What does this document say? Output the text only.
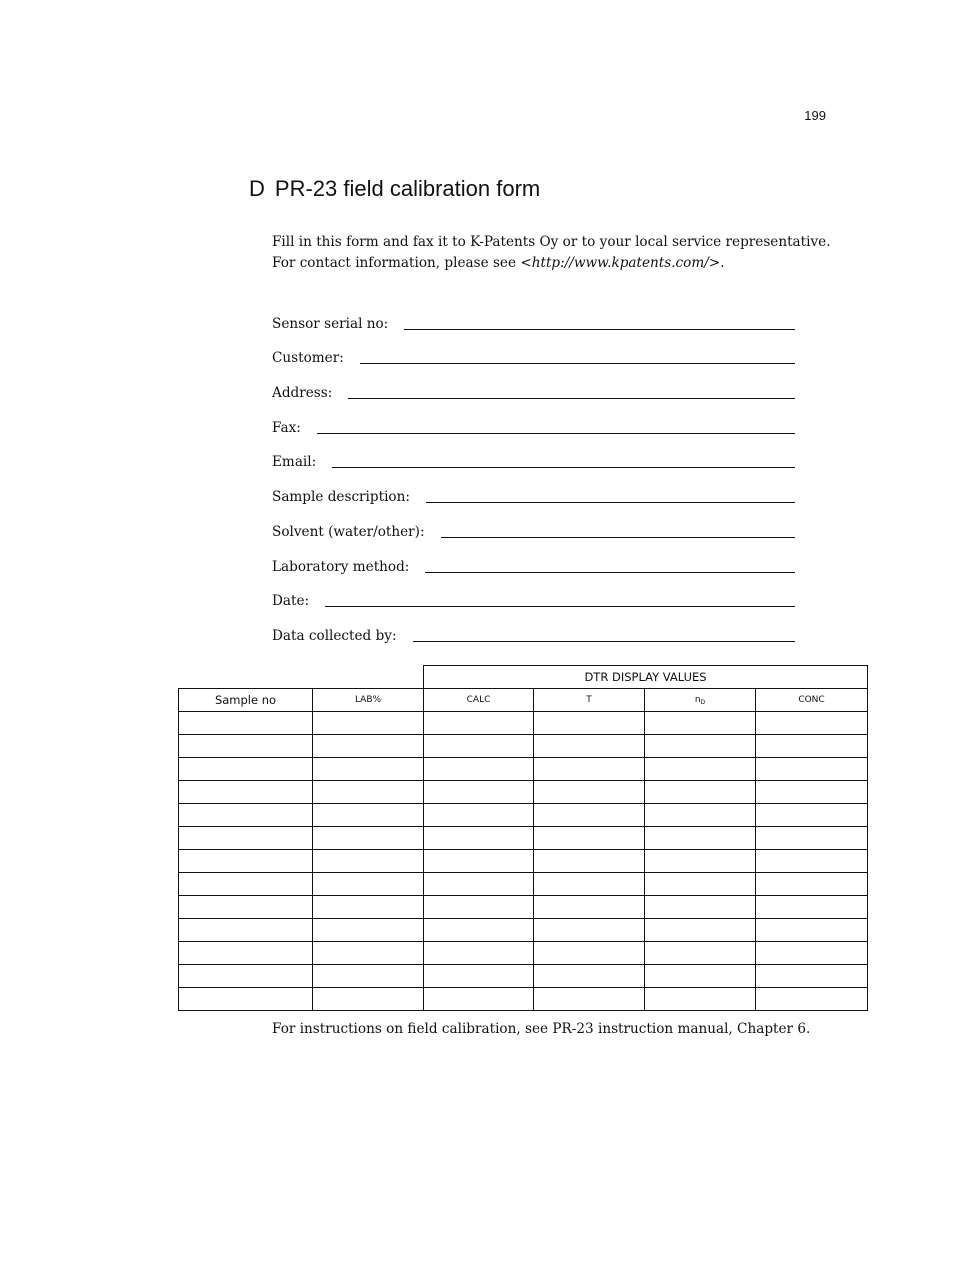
199
D PR-23 field calibration form

Fill in this form and fax it to K-Patents Oy or to your local service representative.

For contact information, please see <http://www.kpatents.com/>.

Sensor serial no:
Customer:
Address:
Fax:
Email:
Sample description:
Solvent (water/other):
Laboratory method:
Date:
Data collected by:
		DTR DISPLAY VALUES			
Sample no	LAB%	CALC	T	$n_D$	CONC

For instructions on field calibration, see PR-23 instruction manual, Chapter 6.
